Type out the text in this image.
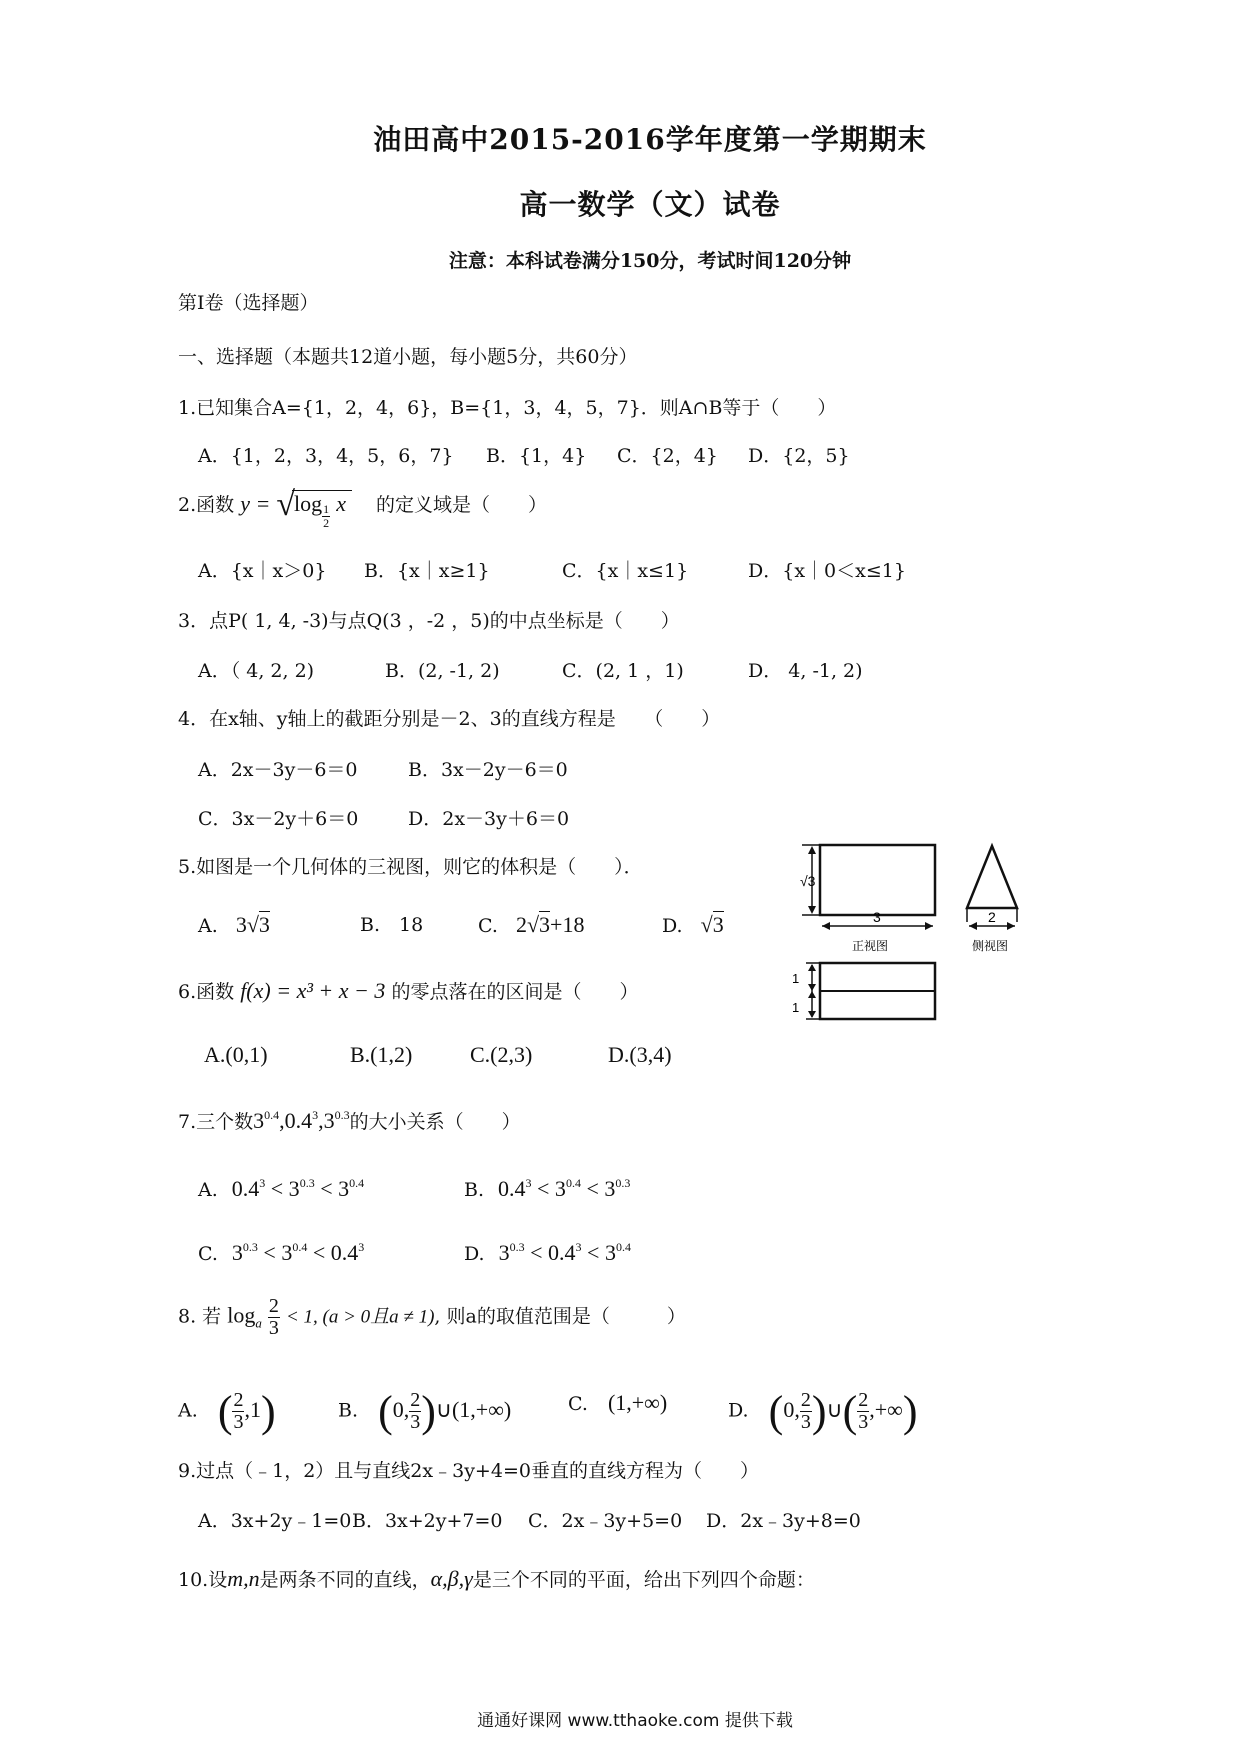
油田高中2015-2016学年度第一学期期末
高一数学（文）试卷
注意：本科试卷满分150分，考试时间120分钟
第Ⅰ卷（选择题）
一、选择题（本题共12道小题，每小题5分，共60分）
1.已知集合A={1，2，4，6}，B={1，3，4，5，7}．则A∩B等于（　　）
A．{1，2，3，4，5，6，7} B．{1，4} C．{2，4} D．{2，5}
2.函数 $y = √\log \frac{1}{2}$ x 的定义域是（　　）
A．{x｜x＞0} B．{x｜x≥1}	C．{x｜x≤1}	D．{x｜0＜x≤1}
3．点P( 1, 4, -3)与点Q(3 ，-2 ，5)的中点坐标是（　　）
A．（ 4, 2, 2)	B．(2, -1, 2)	C．(2, 1 ，1)	D． 4, -1, 2)
4．在x轴、y轴上的截距分别是－2、3的直线方程是　　（　　）
A．2x－3y－6＝0	B．3x－2y－6＝0
C．3x－2y＋6＝0	D．2x－3y＋6＝0
5.如图是一个几何体的三视图，则它的体积是（　　）．
A. 3√3	B.　18	C. 2√3+18	D. √3
√3
3
正视图
2
侧视图
1
1
6.函数 f(x) = x³ + x − 3 的零点落在的区间是（　　）
A.(0,1)	B.(1,2)	C.(2,3)	D.(3,4)
7.三个数$3^{0.4},0.4^3,3^{0.3}$的大小关系（　　）
A. $0.4^3 < 3^{0.3} < 3^{0.4}$	B. $0.4^3 < 3^{0.4} < 3^{0.3}$
C. $3^{0.3} < 3^{0.4} < 0.4^3$	D. $3^{0.3} < 0.4^3 < 3^{0.4}$
8. 若 $\log_a \frac{2}{3} < 1$, (a > 0且a ≠ 1), 则a的取值范围是（　　　）
A. ( $\frac{2}{3} ,1$)	B. (0, $\frac{2}{3}$ )∪(1,+∞)	C. (1,+∞)	D. (0, $\frac{2}{3}$ )∪( $\frac{2}{3}$ ,+∞)
9.过点（﹣1，2）且与直线2x﹣3y+4=0垂直的直线方程为（　　）
A．3x+2y﹣1=0 B．3x+2y+7=0 C．2x﹣3y+5=0 D．2x﹣3y+8=0
10.设m,n是两条不同的直线，α,β,γ是三个不同的平面，给出下列四个命题：
通通好课网 www.tthaoke.com 提供下载
